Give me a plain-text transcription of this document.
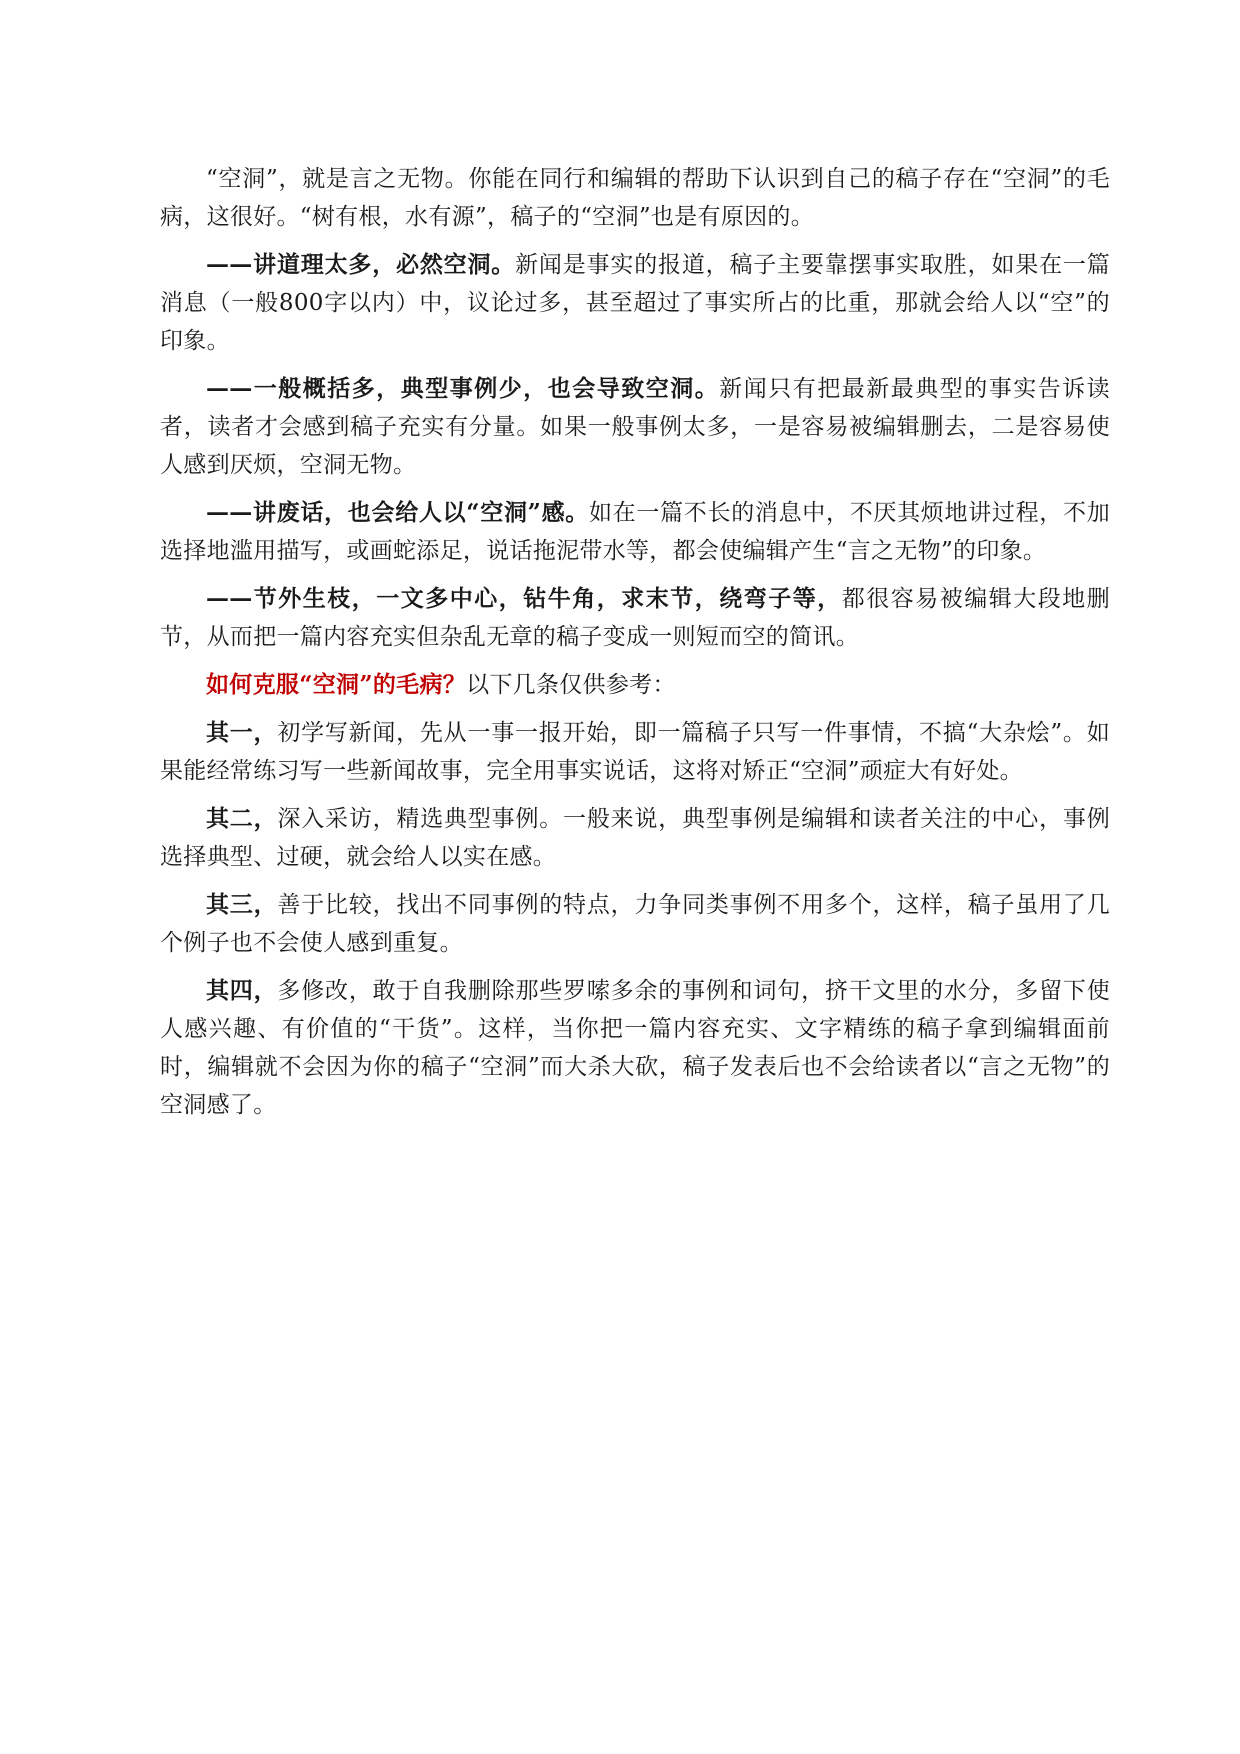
“空洞”，就是言之无物。你能在同行和编辑的帮助下认识到自己的稿子存在“空洞”的毛病，这很好。“树有根，水有源”，稿子的“空洞”也是有原因的。

——讲道理太多，必然空洞。新闻是事实的报道，稿子主要靠摆事实取胜，如果在一篇消息（一般800字以内）中，议论过多，甚至超过了事实所占的比重，那就会给人以“空”的印象。

——一般概括多，典型事例少，也会导致空洞。新闻只有把最新最典型的事实告诉读者，读者才会感到稿子充实有分量。如果一般事例太多，一是容易被编辑删去，二是容易使人感到厌烦，空洞无物。

——讲废话，也会给人以“空洞”感。如在一篇不长的消息中，不厌其烦地讲过程，不加选择地滥用描写，或画蛇添足，说话拖泥带水等，都会使编辑产生“言之无物”的印象。

——节外生枝，一文多中心，钻牛角，求末节，绕弯子等，都很容易被编辑大段地删节，从而把一篇内容充实但杂乱无章的稿子变成一则短而空的简讯。

如何克服“空洞”的毛病？以下几条仅供参考：

其一，初学写新闻，先从一事一报开始，即一篇稿子只写一件事情，不搞“大杂烩”。如果能经常练习写一些新闻故事，完全用事实说话，这将对矫正“空洞”顽症大有好处。

其二，深入采访，精选典型事例。一般来说，典型事例是编辑和读者关注的中心，事例选择典型、过硬，就会给人以实在感。

其三，善于比较，找出不同事例的特点，力争同类事例不用多个，这样，稿子虽用了几个例子也不会使人感到重复。

其四，多修改，敢于自我删除那些罗嗦多余的事例和词句，挤干文里的水分，多留下使人感兴趣、有价值的“干货”。这样，当你把一篇内容充实、文字精练的稿子拿到编辑面前时，编辑就不会因为你的稿子“空洞”而大杀大砍，稿子发表后也不会给读者以“言之无物”的空洞感了。
